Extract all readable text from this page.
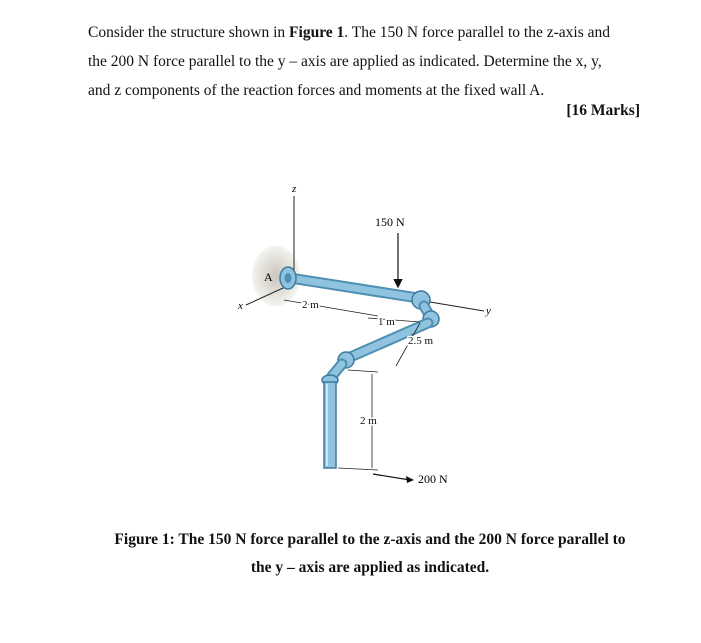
Consider the structure shown in Figure 1. The 150 N force parallel to the z-axis and
the 200 N force parallel to the y – axis are applied as indicated. Determine the x, y,
and z components of the reaction forces and moments at the fixed wall A.
[16 Marks]
z
x	y
A
150 N
200 N
2 m
1 m
2.5 m
2 m
Figure 1: The 150 N force parallel to the z-axis and the 200 N force parallel to
the y – axis are applied as indicated.
